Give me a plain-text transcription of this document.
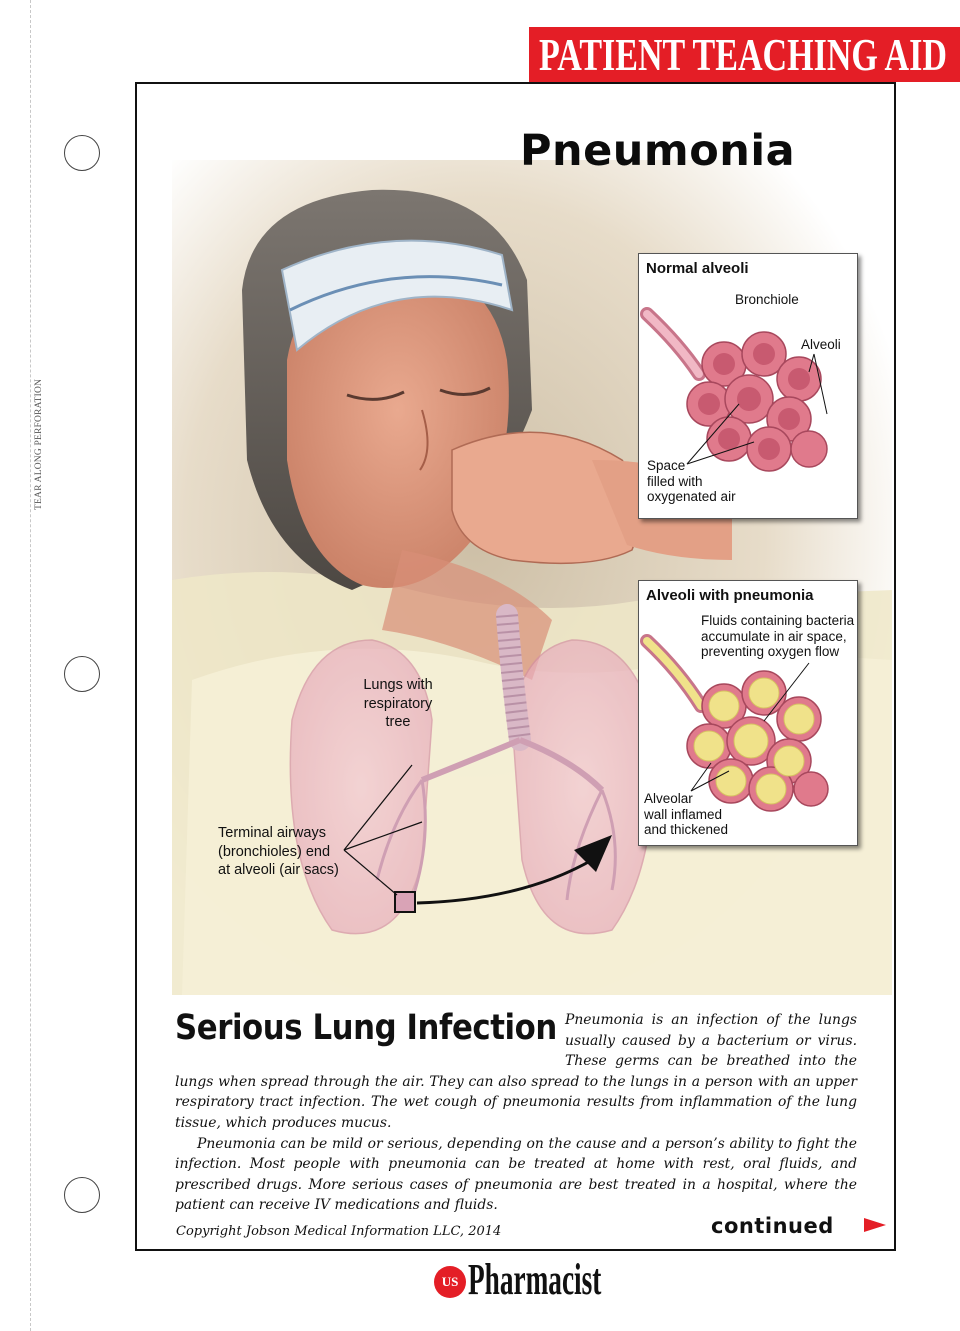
TEAR ALONG PERFORATION
PATIENT TEACHING AID
Lungs with
respiratory
tree
Terminal airways
(bronchioles) end
at alveoli (air sacs)
Pneumonia
Normal alveoli
Bronchiole
Alveoli
Space
filled with
oxygenated air
Alveoli with pneumonia
Fluids containing bacteria
accumulate in air space,
preventing oxygen flow
Alveolar
wall inflamed
and thickened
Serious Lung Infection Pneumonia is an infection of the lungs usually caused by a bacterium or virus. These germs can be breathed into the lungs when spread through the air. They can also spread to the lungs in a person with an upper respiratory tract infection. The wet cough of pneumonia results from inflammation of the lung tissue, which produces mucus.

Pneumonia can be mild or serious, depending on the cause and a person’s ability to fight the infection. Most people with pneumonia can be treated at home with rest, oral fluids, and prescribed drugs. More serious cases of pneumonia are best treated in a hospital, where the patient can receive IV medications and fluids.

Copyright Jobson Medical Information LLC, 2014	continued
US Pharmacist
